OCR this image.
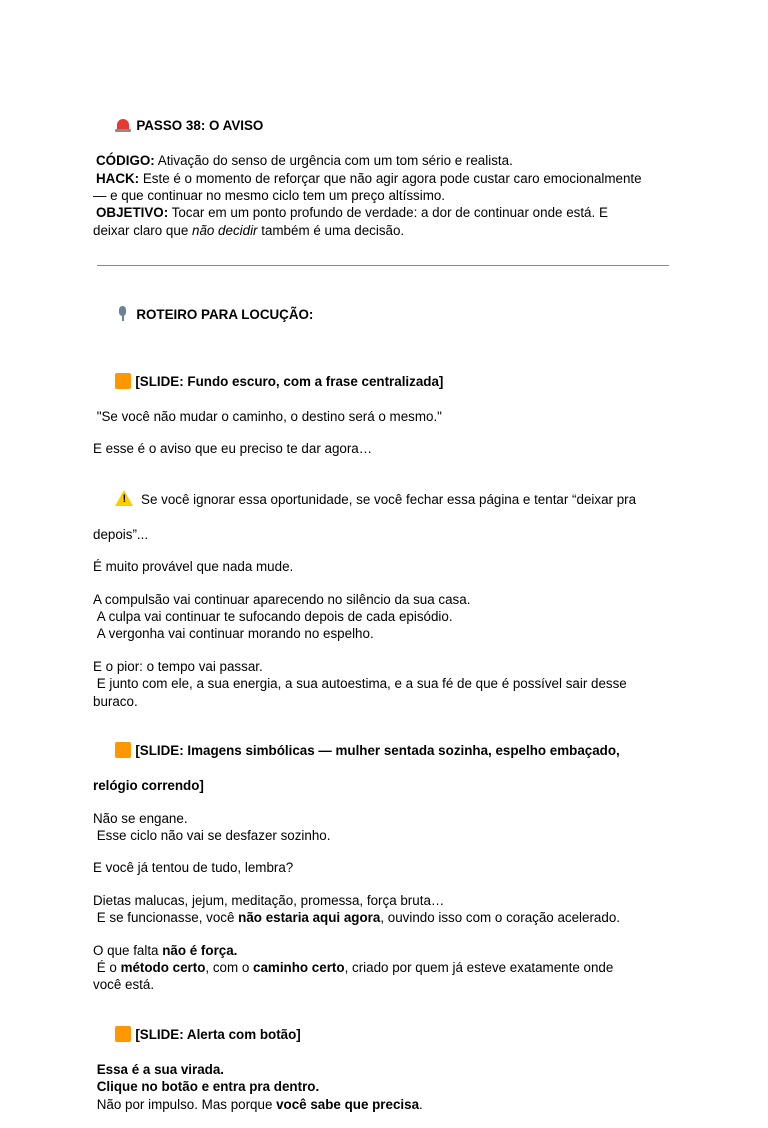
PASSO 38: O AVISO

CÓDIGO: Ativação do senso de urgência com um tom sério e realista.
HACK: Este é o momento de reforçar que não agir agora pode custar caro emocionalmente
— e que continuar no mesmo ciclo tem um preço altíssimo.
OBJETIVO: Tocar em um ponto profundo de verdade: a dor de continuar onde está. E
deixar claro que não decidir também é uma decisão.

ROTEIRO PARA LOCUÇÃO:

[SLIDE: Fundo escuro, com a frase centralizada]

"Se você não mudar o caminho, o destino será o mesmo."

E esse é o aviso que eu preciso te dar agora…

! Se você ignorar essa oportunidade, se você fechar essa página e tentar “deixar pra

depois”...

É muito provável que nada mude.

A compulsão vai continuar aparecendo no silêncio da sua casa.
A culpa vai continuar te sufocando depois de cada episódio.
A vergonha vai continuar morando no espelho.

E o pior: o tempo vai passar.
E junto com ele, a sua energia, a sua autoestima, e a sua fé de que é possível sair desse
buraco.

[SLIDE: Imagens simbólicas — mulher sentada sozinha, espelho embaçado,

relógio correndo]

Não se engane.
Esse ciclo não vai se desfazer sozinho.

E você já tentou de tudo, lembra?

Dietas malucas, jejum, meditação, promessa, força bruta…
E se funcionasse, você não estaria aqui agora, ouvindo isso com o coração acelerado.

O que falta não é força.
É o método certo, com o caminho certo, criado por quem já esteve exatamente onde
você está.

[SLIDE: Alerta com botão]

Essa é a sua virada.
Clique no botão e entra pra dentro.
Não por impulso. Mas porque você sabe que precisa.
